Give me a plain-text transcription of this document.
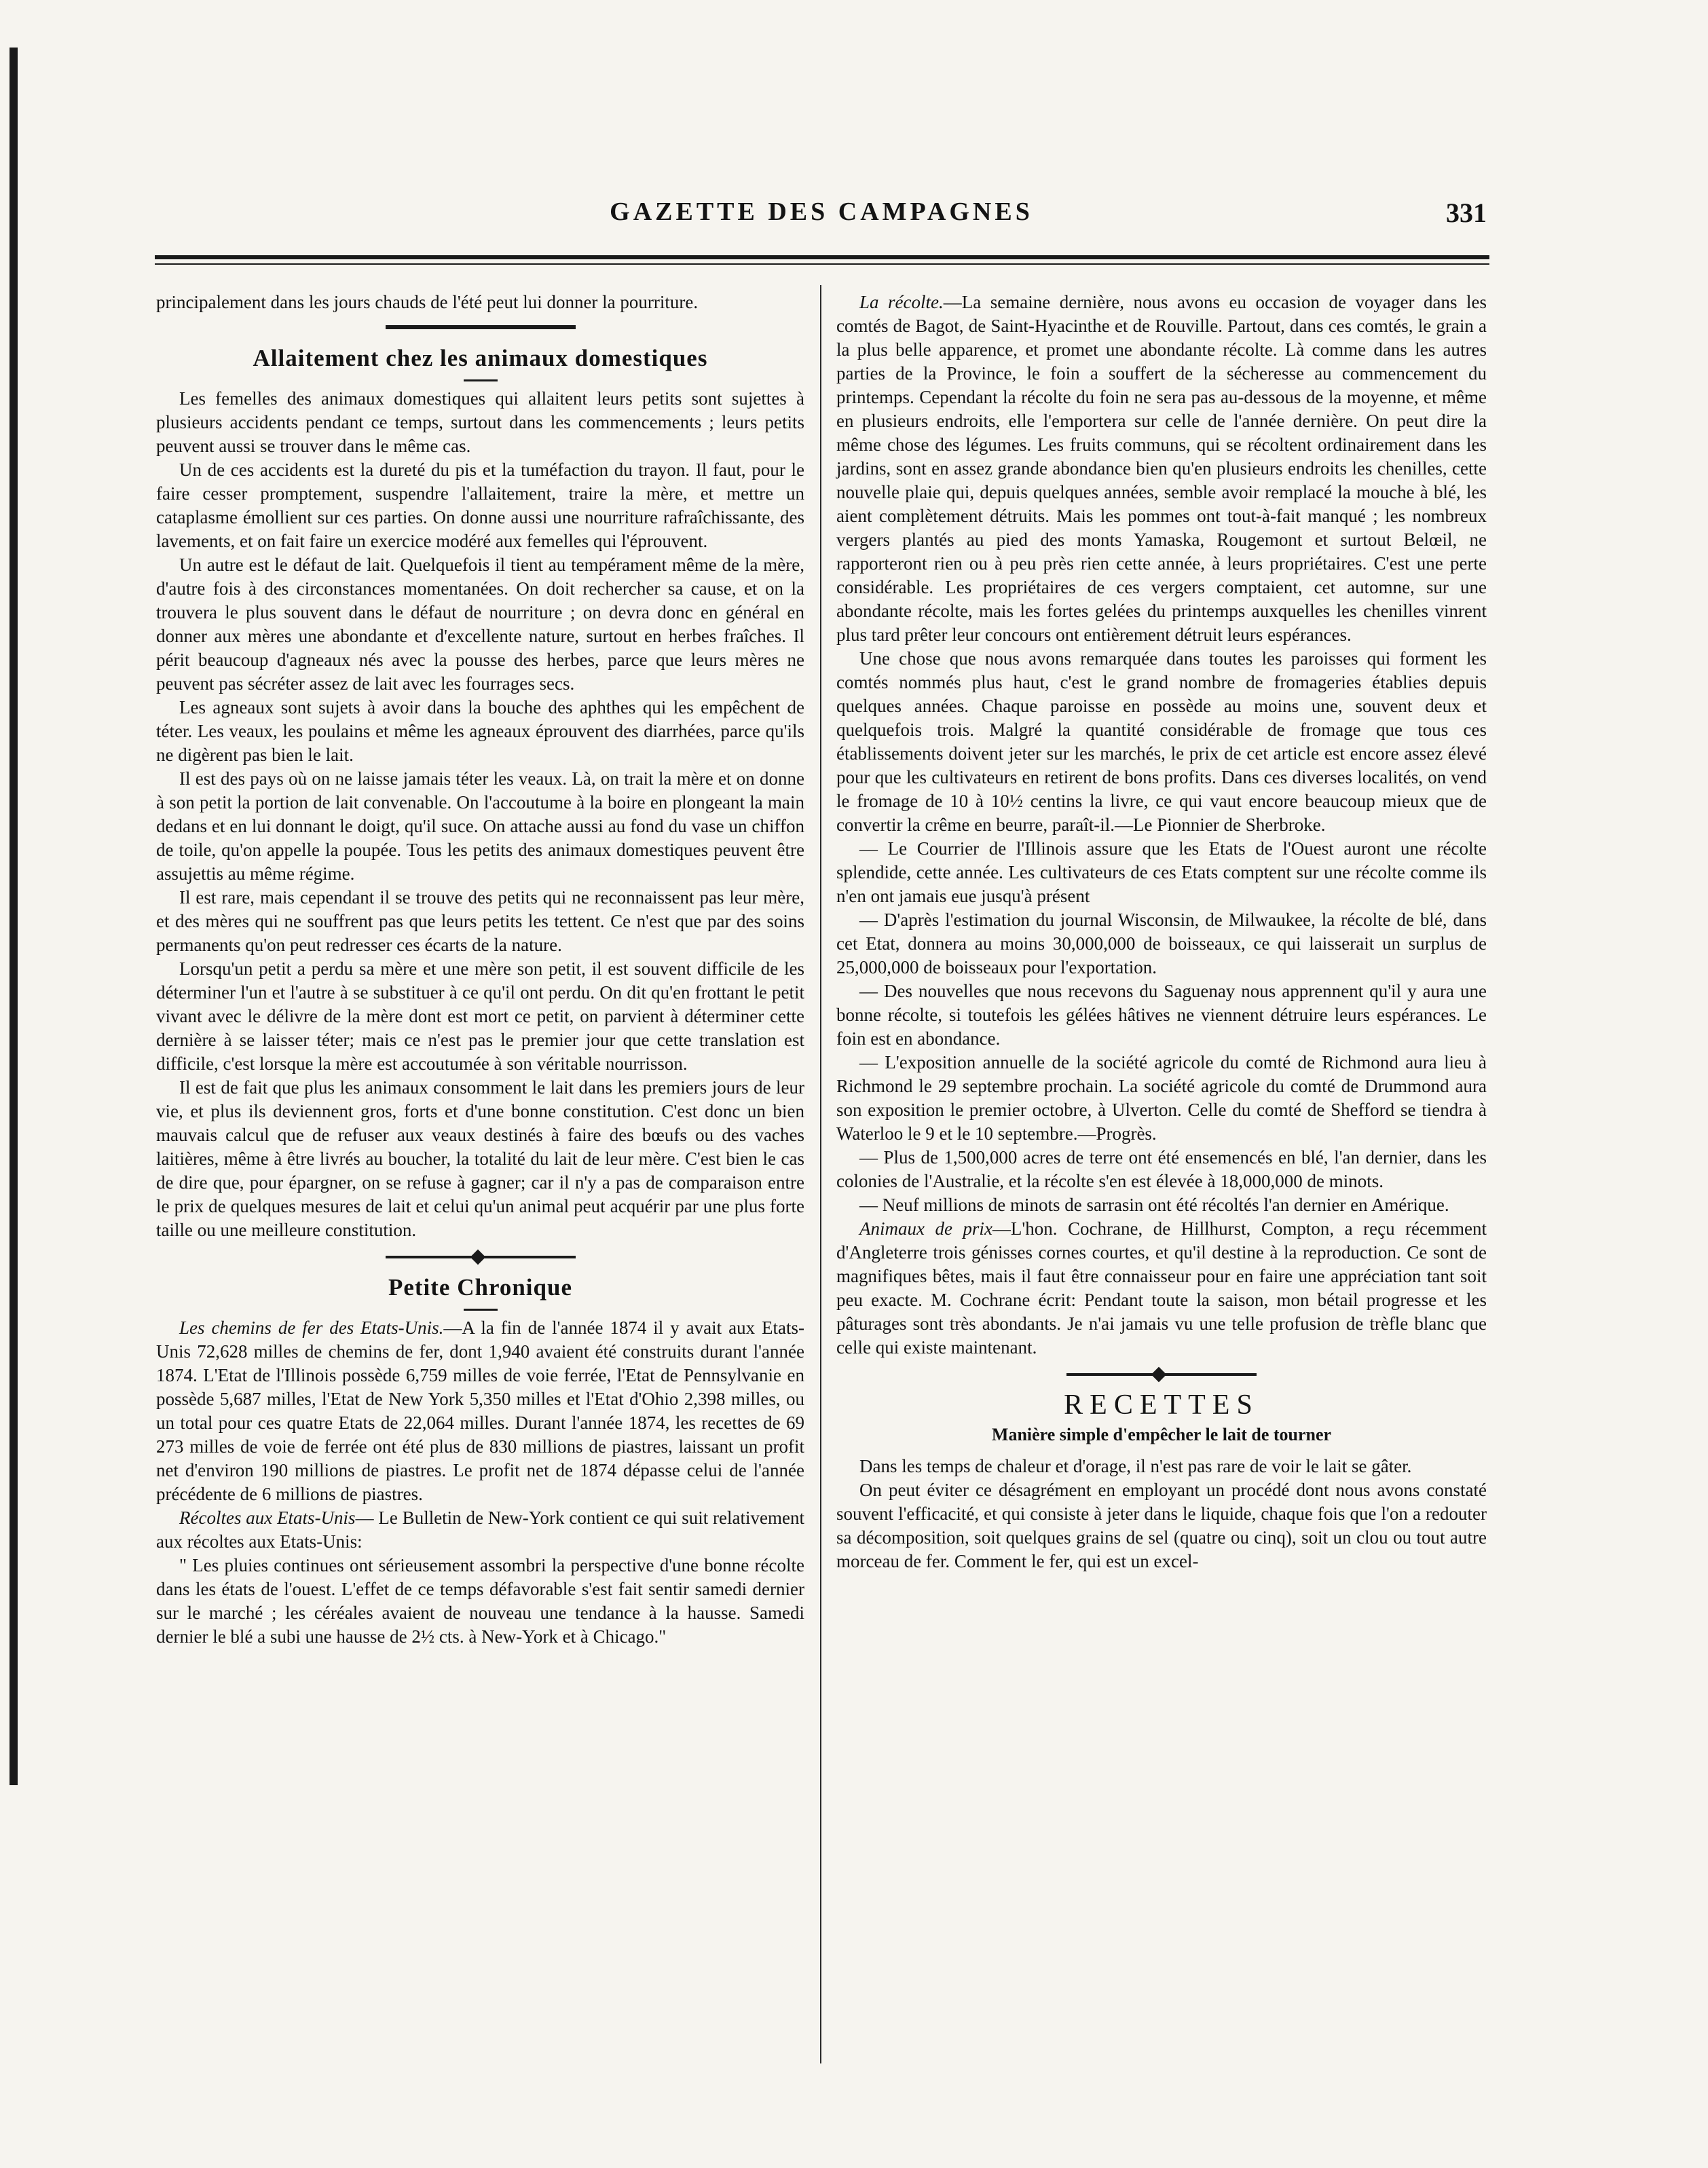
GAZETTE DES CAMPAGNES	331

principalement dans les jours chauds de l'été peut lui donner la pourriture.

Allaitement chez les animaux domestiques

Les femelles des animaux domestiques qui allaitent leurs petits sont sujettes à plusieurs accidents pendant ce temps, surtout dans les commencements ; leurs petits peuvent aussi se trouver dans le même cas.

Un de ces accidents est la dureté du pis et la tuméfaction du trayon. Il faut, pour le faire cesser promptement, suspendre l'allaitement, traire la mère, et mettre un cataplasme émollient sur ces parties. On donne aussi une nourriture rafraîchissante, des lavements, et on fait faire un exercice modéré aux femelles qui l'éprouvent.

Un autre est le défaut de lait. Quelquefois il tient au tempérament même de la mère, d'autre fois à des circonstances momentanées. On doit rechercher sa cause, et on la trouvera le plus souvent dans le défaut de nourriture ; on devra donc en général en donner aux mères une abondante et d'excellente nature, surtout en herbes fraîches. Il périt beaucoup d'agneaux nés avec la pousse des herbes, parce que leurs mères ne peuvent pas sécréter assez de lait avec les fourrages secs.

Les agneaux sont sujets à avoir dans la bouche des aphthes qui les empêchent de téter. Les veaux, les poulains et même les agneaux éprouvent des diarrhées, parce qu'ils ne digèrent pas bien le lait.

Il est des pays où on ne laisse jamais téter les veaux. Là, on trait la mère et on donne à son petit la portion de lait convenable. On l'accoutume à la boire en plongeant la main dedans et en lui donnant le doigt, qu'il suce. On attache aussi au fond du vase un chiffon de toile, qu'on appelle la poupée. Tous les petits des animaux domestiques peuvent être assujettis au même régime.

Il est rare, mais cependant il se trouve des petits qui ne reconnaissent pas leur mère, et des mères qui ne souffrent pas que leurs petits les tettent. Ce n'est que par des soins permanents qu'on peut redresser ces écarts de la nature.

Lorsqu'un petit a perdu sa mère et une mère son petit, il est souvent difficile de les déterminer l'un et l'autre à se substituer à ce qu'il ont perdu. On dit qu'en frottant le petit vivant avec le délivre de la mère dont est mort ce petit, on parvient à déterminer cette dernière à se laisser téter; mais ce n'est pas le premier jour que cette translation est difficile, c'est lorsque la mère est accoutumée à son véritable nourrisson.

Il est de fait que plus les animaux consomment le lait dans les premiers jours de leur vie, et plus ils deviennent gros, forts et d'une bonne constitution. C'est donc un bien mauvais calcul que de refuser aux veaux destinés à faire des bœufs ou des vaches laitières, même à être livrés au boucher, la totalité du lait de leur mère. C'est bien le cas de dire que, pour épargner, on se refuse à gagner; car il n'y a pas de comparaison entre le prix de quelques mesures de lait et celui qu'un animal peut acquérir par une plus forte taille ou une meilleure constitution.

Petite Chronique

Les chemins de fer des Etats-Unis.—A la fin de l'année 1874 il y avait aux Etats-Unis 72,628 milles de chemins de fer, dont 1,940 avaient été construits durant l'année 1874. L'Etat de l'Illinois possède 6,759 milles de voie ferrée, l'Etat de Pennsylvanie en possède 5,687 milles, l'Etat de New York 5,350 milles et l'Etat d'Ohio 2,398 milles, ou un total pour ces quatre Etats de 22,064 milles. Durant l'année 1874, les recettes de 69 273 milles de voie de ferrée ont été plus de 830 millions de piastres, laissant un profit net d'environ 190 millions de piastres. Le profit net de 1874 dépasse celui de l'année précédente de 6 millions de piastres.

Récoltes aux Etats-Unis— Le Bulletin de New-York contient ce qui suit relativement aux récoltes aux Etats-Unis:

" Les pluies continues ont sérieusement assombri la perspective d'une bonne récolte dans les états de l'ouest. L'effet de ce temps défavorable s'est fait sentir samedi dernier sur le marché ; les céréales avaient de nouveau une tendance à la hausse. Samedi dernier le blé a subi une hausse de 2½ cts. à New-York et à Chicago."

La récolte.—La semaine dernière, nous avons eu occasion de voyager dans les comtés de Bagot, de Saint-Hyacinthe et de Rouville. Partout, dans ces comtés, le grain a la plus belle apparence, et promet une abondante récolte. Là comme dans les autres parties de la Province, le foin a souffert de la sécheresse au commencement du printemps. Cependant la récolte du foin ne sera pas au-dessous de la moyenne, et même en plusieurs endroits, elle l'emportera sur celle de l'année dernière. On peut dire la même chose des légumes. Les fruits communs, qui se récoltent ordinairement dans les jardins, sont en assez grande abondance bien qu'en plusieurs endroits les chenilles, cette nouvelle plaie qui, depuis quelques années, semble avoir remplacé la mouche à blé, les aient complètement détruits. Mais les pommes ont tout-à-fait manqué ; les nombreux vergers plantés au pied des monts Yamaska, Rougemont et surtout Belœil, ne rapporteront rien ou à peu près rien cette année, à leurs propriétaires. C'est une perte considérable. Les propriétaires de ces vergers comptaient, cet automne, sur une abondante récolte, mais les fortes gelées du printemps auxquelles les chenilles vinrent plus tard prêter leur concours ont entièrement détruit leurs espérances.

Une chose que nous avons remarquée dans toutes les paroisses qui forment les comtés nommés plus haut, c'est le grand nombre de fromageries établies depuis quelques années. Chaque paroisse en possède au moins une, souvent deux et quelquefois trois. Malgré la quantité considérable de fromage que tous ces établissements doivent jeter sur les marchés, le prix de cet article est encore assez élevé pour que les cultivateurs en retirent de bons profits. Dans ces diverses localités, on vend le fromage de 10 à 10½ centins la livre, ce qui vaut encore beaucoup mieux que de convertir la crême en beurre, paraît-il.—Le Pionnier de Sherbroke.

— Le Courrier de l'Illinois assure que les Etats de l'Ouest auront une récolte splendide, cette année. Les cultivateurs de ces Etats comptent sur une récolte comme ils n'en ont jamais eue jusqu'à présent

— D'après l'estimation du journal Wisconsin, de Milwaukee, la récolte de blé, dans cet Etat, donnera au moins 30,000,000 de boisseaux, ce qui laisserait un surplus de 25,000,000 de boisseaux pour l'exportation.

— Des nouvelles que nous recevons du Saguenay nous apprennent qu'il y aura une bonne récolte, si toutefois les gélées hâtives ne viennent détruire leurs espérances. Le foin est en abondance.

— L'exposition annuelle de la société agricole du comté de Richmond aura lieu à Richmond le 29 septembre prochain. La société agricole du comté de Drummond aura son exposition le premier octobre, à Ulverton. Celle du comté de Shefford se tiendra à Waterloo le 9 et le 10 septembre.—Progrès.

— Plus de 1,500,000 acres de terre ont été ensemencés en blé, l'an dernier, dans les colonies de l'Australie, et la récolte s'en est élevée à 18,000,000 de minots.

— Neuf millions de minots de sarrasin ont été récoltés l'an dernier en Amérique.

Animaux de prix—L'hon. Cochrane, de Hillhurst, Compton, a reçu récemment d'Angleterre trois génisses cornes courtes, et qu'il destine à la reproduction. Ce sont de magnifiques bêtes, mais il faut être connaisseur pour en faire une appréciation tant soit peu exacte. M. Cochrane écrit: Pendant toute la saison, mon bétail progresse et les pâturages sont très abondants. Je n'ai jamais vu une telle profusion de trèfle blanc que celle qui existe maintenant.

RECETTES
Manière simple d'empêcher le lait de tourner

Dans les temps de chaleur et d'orage, il n'est pas rare de voir le lait se gâter.

On peut éviter ce désagrément en employant un procédé dont nous avons constaté souvent l'efficacité, et qui consiste à jeter dans le liquide, chaque fois que l'on a redouter sa décomposition, soit quelques grains de sel (quatre ou cinq), soit un clou ou tout autre morceau de fer. Comment le fer, qui est un excel-
